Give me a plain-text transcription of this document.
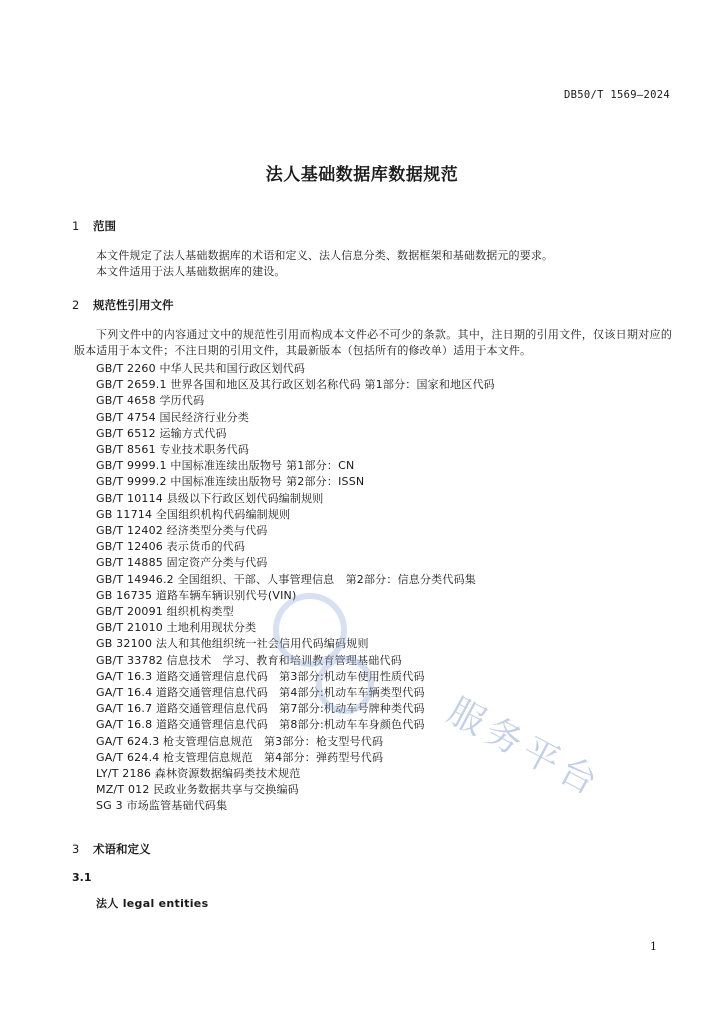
DB50/T 1569—2024
法人基础数据库数据规范
1 范围

本文件规定了法人基础数据库的术语和定义、法人信息分类、数据框架和基础数据元的要求。

本文件适用于法人基础数据库的建设。

2 规范性引用文件

下列文件中的内容通过文中的规范性引用而构成本文件必不可少的条款。其中，注日期的引用文件，仅该日期对应的版本适用于本文件；不注日期的引用文件，其最新版本（包括所有的修改单）适用于本文件。

GB/T 2260 中华人民共和国行政区划代码
GB/T 2659.1 世界各国和地区及其行政区划名称代码 第1部分：国家和地区代码
GB/T 4658 学历代码
GB/T 4754 国民经济行业分类
GB/T 6512 运输方式代码
GB/T 8561 专业技术职务代码
GB/T 9999.1 中国标准连续出版物号 第1部分：CN
GB/T 9999.2 中国标准连续出版物号 第2部分：ISSN
GB/T 10114 县级以下行政区划代码编制规则
GB 11714 全国组织机构代码编制规则
GB/T 12402 经济类型分类与代码
GB/T 12406 表示货币的代码
GB/T 14885 固定资产分类与代码
GB/T 14946.2 全国组织、干部、人事管理信息　第2部分：信息分类代码集
GB 16735 道路车辆车辆识别代号(VIN)
GB/T 20091 组织机构类型
GB/T 21010 土地利用现状分类
GB 32100 法人和其他组织统一社会信用代码编码规则
GB/T 33782 信息技术　学习、教育和培训教育管理基础代码
GA/T 16.3 道路交通管理信息代码　第3部分:机动车使用性质代码
GA/T 16.4 道路交通管理信息代码　第4部分:机动车车辆类型代码
GA/T 16.7 道路交通管理信息代码　第7部分:机动车号牌种类代码
GA/T 16.8 道路交通管理信息代码　第8部分:机动车车身颜色代码
GA/T 624.3 枪支管理信息规范　第3部分：枪支型号代码
GA/T 624.4 枪支管理信息规范　第4部分：弹药型号代码
LY/T 2186 森林资源数据编码类技术规范
MZ/T 012 民政业务数据共享与交换编码
SG 3 市场监管基础代码集
3 术语和定义
3.1
法人 legal entities
服务平台
1
